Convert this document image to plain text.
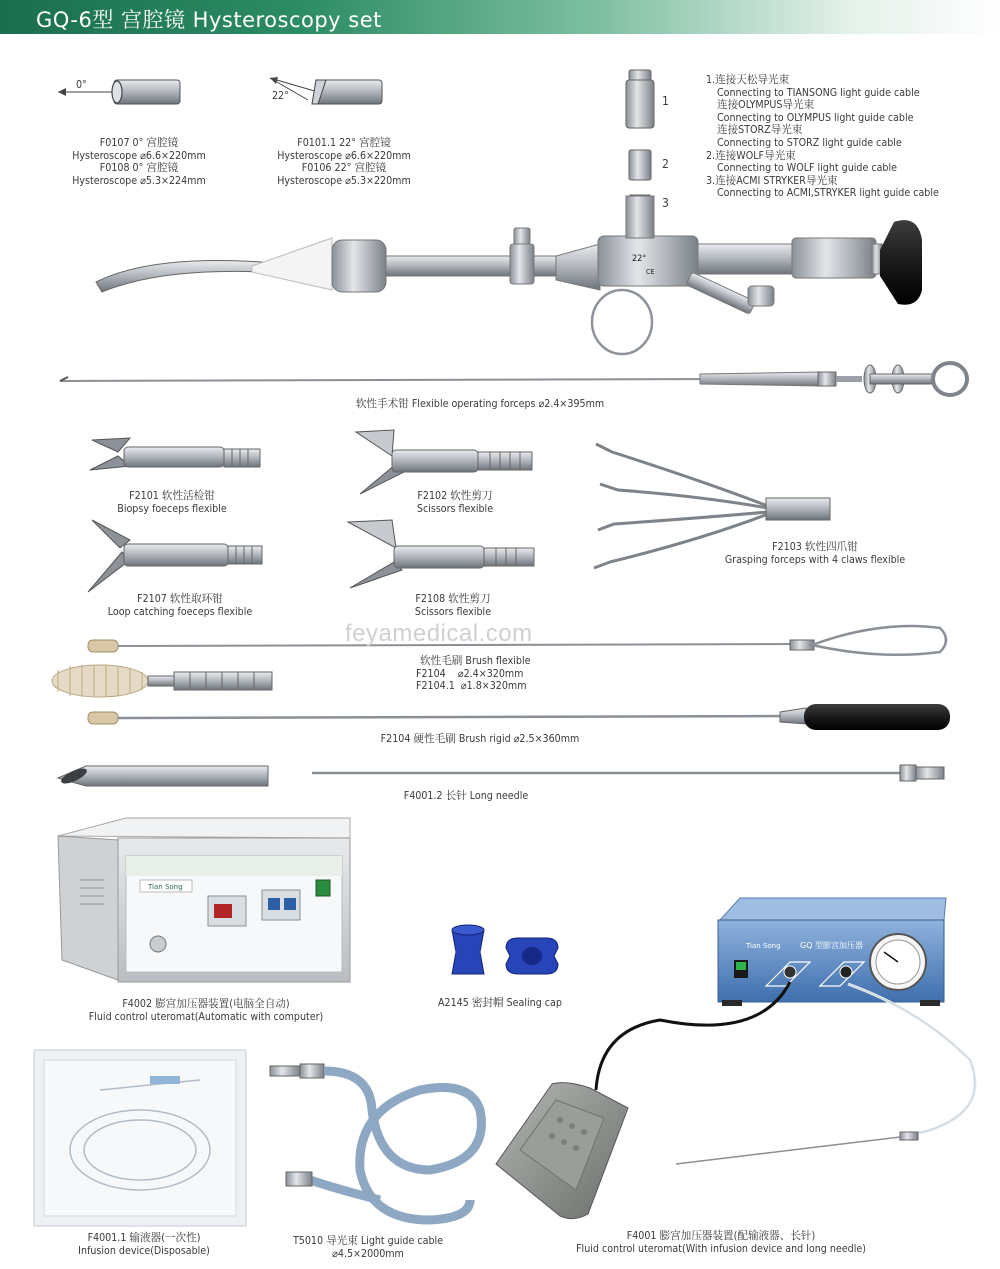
GQ-6型 宫腔镜 Hysteroscopy set
Tian Song
Tian Song GQ 型膨宫加压器
0°
22°
F0107 0° 宫腔镜
Hysteroscope ⌀6.6×220mm
F0108 0° 宫腔镜
Hysteroscope ⌀5.3×224mm
F0101.1 22° 宫腔镜
Hysteroscope ⌀6.6×220mm
F0106 22° 宫腔镜
Hysteroscope ⌀5.3×220mm
1
2
3
1.连接天松导光束
Connecting to TIANSONG light guide cable
连接OLYMPUS导光束
Connecting to OLYMPUS light guide cable
连接STORZ导光束
Connecting to STORZ light guide cable
2.连接WOLF导光束
Connecting to WOLF light guide cable
3.连接ACMI STRYKER导光束
Connecting to ACMI,STRYKER light guide cable
22°
CE
软性手术钳 Flexible operating forceps ⌀2.4×395mm
F2101 软性活检钳
Biopsy foeceps flexible
F2102 软性剪刀
Scissors flexible
F2103 软性四爪钳
Grasping forceps with 4 claws flexible
F2107 软性取环钳
Loop catching foeceps flexible
F2108 软性剪刀
Scissors flexible
feyamedical.com
软性毛刷 Brush flexible
F2104    ⌀2.4×320mm
F2104.1  ⌀1.8×320mm
F2104 硬性毛刷 Brush rigid ⌀2.5×360mm
F4001.2 长针 Long needle
F4002 膨宫加压器装置(电脑全自动)
Fluid control uteromat(Automatic with computer)
A2145 密封帽 Sealing cap
F4001.1 输液器(一次性)
Infusion device(Disposable)
T5010 导光束 Light guide cable
⌀4.5×2000mm
F4001 膨宫加压器装置(配输液器、长针)
Fluid control uteromat(With infusion device and long needle)
